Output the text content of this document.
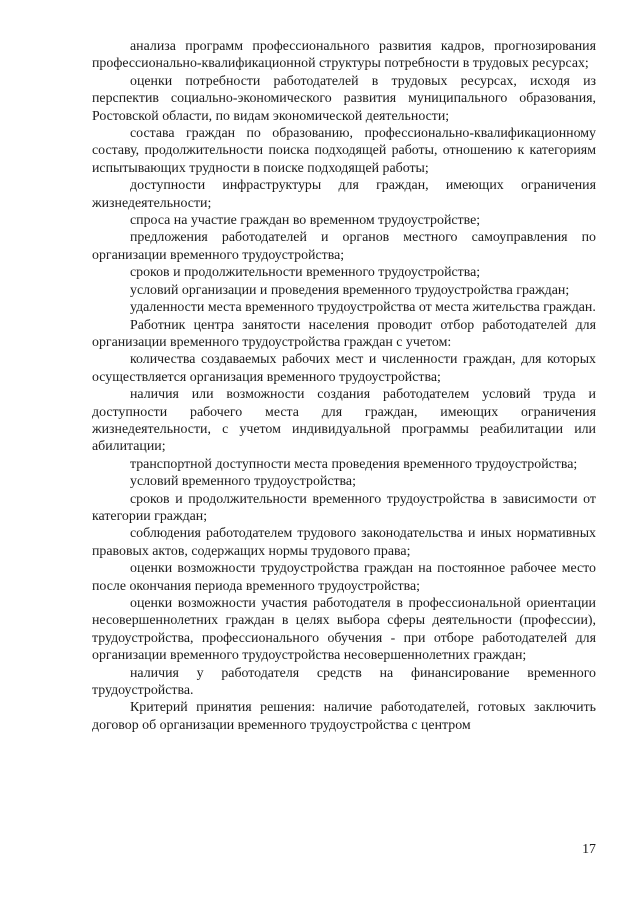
анализа программ профессионального развития кадров, прогнозирования профессионально-квалификационной структуры потребности в трудовых ресурсах;

оценки потребности работодателей в трудовых ресурсах, исходя из перспектив социально-экономического развития муниципального образования, Ростовской области, по видам экономической деятельности;

состава граждан по образованию, профессионально-квалификационному составу, продолжительности поиска подходящей работы, отношению к категориям испытывающих трудности в поиске подходящей работы;

доступности инфраструктуры для граждан, имеющих ограничения жизнедеятельности;

спроса на участие граждан во временном трудоустройстве;

предложения работодателей и органов местного самоуправления по организации временного трудоустройства;

сроков и продолжительности временного трудоустройства;

условий организации и проведения временного трудоустройства граждан;

удаленности места временного трудоустройства от места жительства граждан.

Работник центра занятости населения проводит отбор работодателей для организации временного трудоустройства граждан с учетом:

количества создаваемых рабочих мест и численности граждан, для которых осуществляется организация временного трудоустройства;

наличия или возможности создания работодателем условий труда и доступности рабочего места для граждан, имеющих ограничения жизнедеятельности, с учетом индивидуальной программы реабилитации или абилитации;

транспортной доступности места проведения временного трудоустройства;

условий временного трудоустройства;

сроков и продолжительности временного трудоустройства в зависимости от категории граждан;

соблюдения работодателем трудового законодательства и иных нормативных правовых актов, содержащих нормы трудового права;

оценки возможности трудоустройства граждан на постоянное рабочее место после окончания периода временного трудоустройства;

оценки возможности участия работодателя в профессиональной ориентации несовершеннолетних граждан в целях выбора сферы деятельности (профессии), трудоустройства, профессионального обучения - при отборе работодателей для организации временного трудоустройства несовершеннолетних граждан;

наличия у работодателя средств на финансирование временного трудоустройства.

Критерий принятия решения: наличие работодателей, готовых заключить договор об организации временного трудоустройства с центром

17
